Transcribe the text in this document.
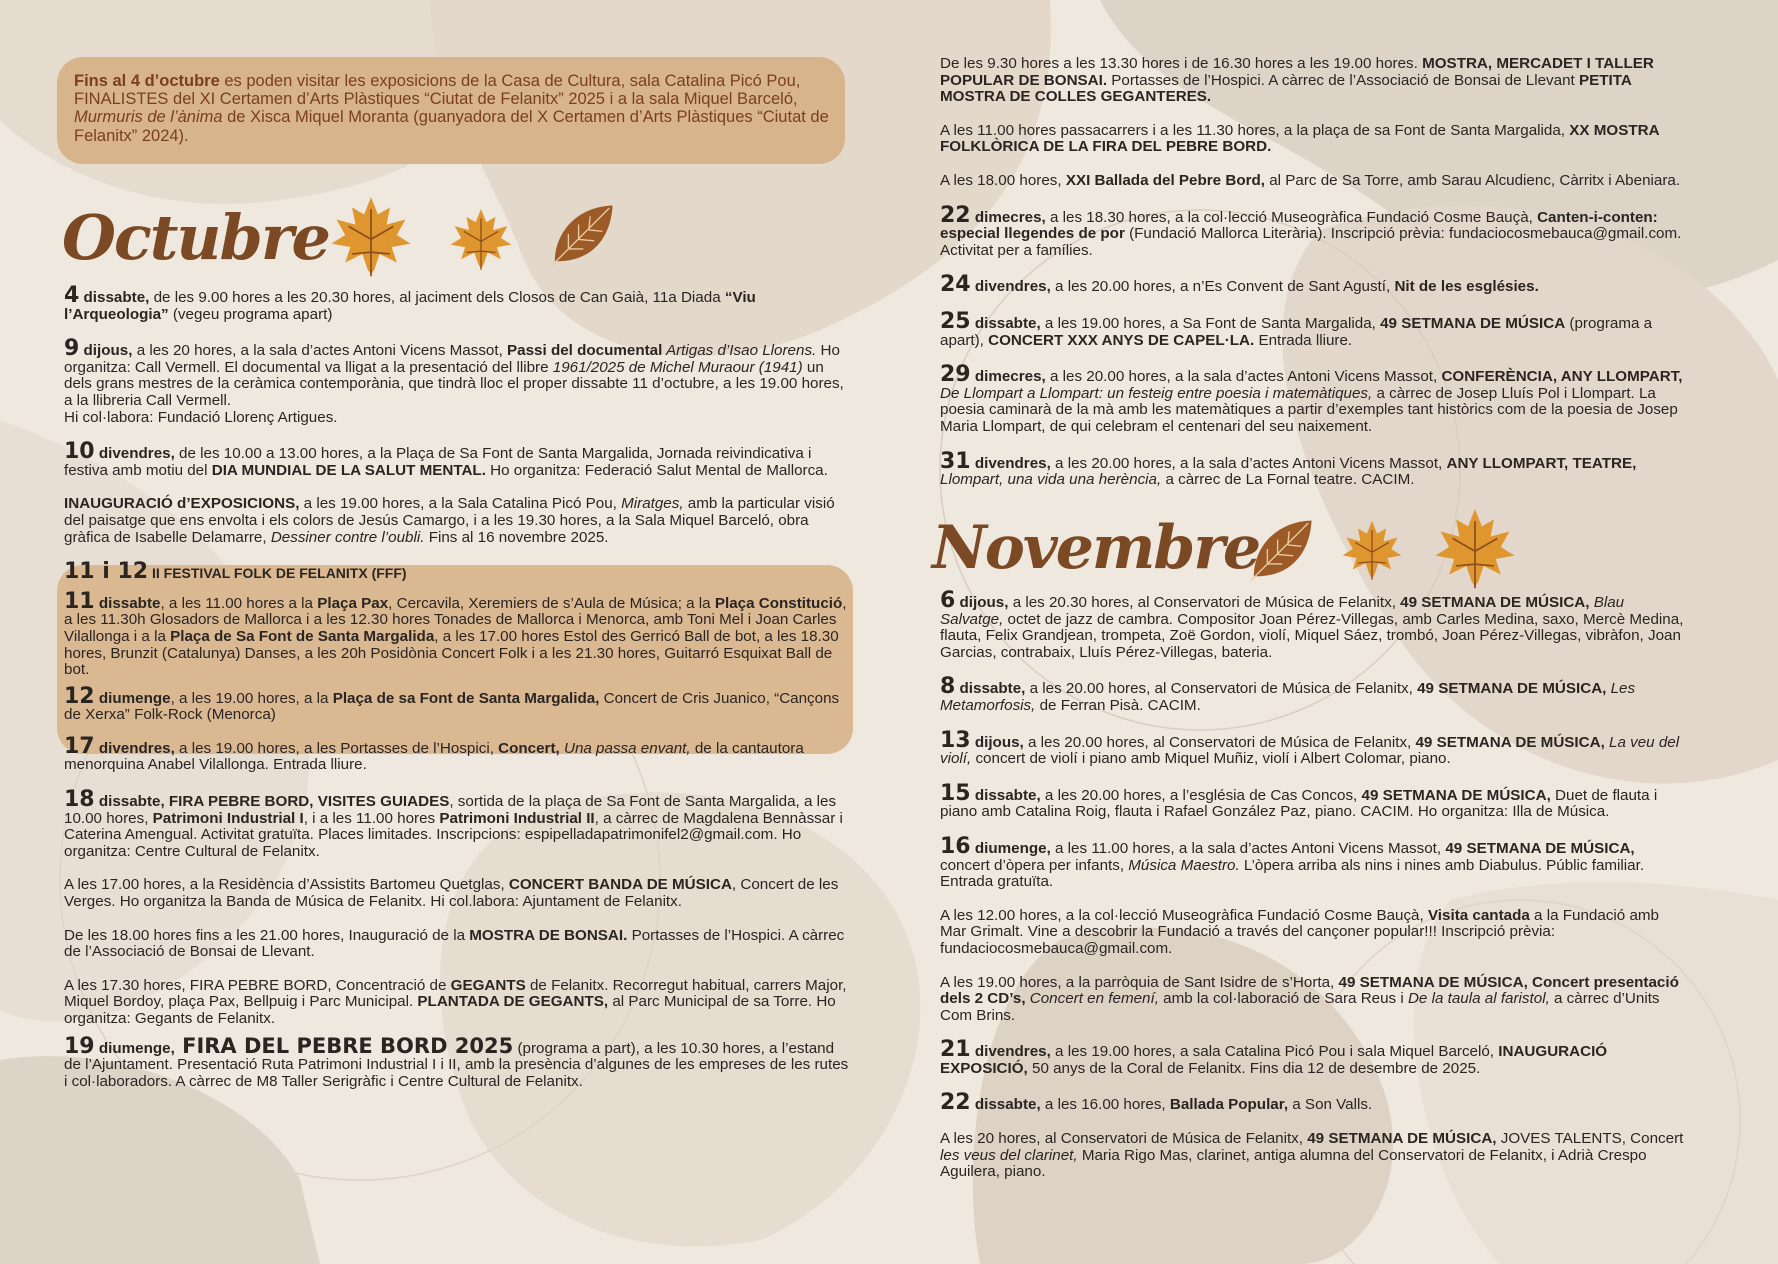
Fins al 4 d’octubre es poden visitar les exposicions de la Casa de Cultura, sala Catalina Picó Pou, FINALISTES del XI Certamen d’Arts Plàstiques “Ciutat de Felanitx” 2025 i a la sala Miquel Barceló, Murmuris de l’ànima de Xisca Miquel Moranta (guanyadora del X Certamen d’Arts Plàstiques “Ciutat de Felanitx” 2024).
Octubre

4 dissabte, de les 9.00 hores a les 20.30 hores, al jaciment dels Closos de Can Gaià, 11a Diada “Viu l’Arqueologia” (vegeu programa apart)

9 dijous, a les 20 hores, a la sala d’actes Antoni Vicens Massot, Passi del documental Artigas d’Isao Llorens. Ho organitza: Call Vermell. El documental va lligat a la presentació del llibre 1961/2025 de Michel Muraour (1941) un dels grans mestres de la ceràmica contemporània, que tindrà lloc el proper dissabte 11 d’octubre, a les 19.00 hores, a la llibreria Call Vermell.
Hi col·labora: Fundació Llorenç Artigues.

10 divendres, de les 10.00 a 13.00 hores, a la Plaça de Sa Font de Santa Margalida, Jornada reivindicativa i festiva amb motiu del DIA MUNDIAL DE LA SALUT MENTAL. Ho organitza: Federació Salut Mental de Mallorca.

INAUGURACIÓ d’EXPOSICIONS, a les 19.00 hores, a la Sala Catalina Picó Pou, Miratges, amb la particular visió del paisatge que ens envolta i els colors de Jesús Camargo, i a les 19.30 hores, a la Sala Miquel Barceló, obra gràfica de Isabelle Delamarre, Dessiner contre l’oubli. Fins al 16 novembre 2025.

11 i 12 II FESTIVAL FOLK DE FELANITX (FFF)

11 dissabte, a les 11.00 hores a la Plaça Pax, Cercavila, Xeremiers de s’Aula de Música; a la Plaça Constitució, a les 11.30h Glosadors de Mallorca i a les 12.30 hores Tonades de Mallorca i Menorca, amb Toni Mel i Joan Carles Vilallonga i a la Plaça de Sa Font de Santa Margalida, a les 17.00 hores Estol des Gerricó Ball de bot, a les 18.30 hores, Brunzit (Catalunya) Danses, a les 20h Posidònia Concert Folk i a les 21.30 hores, Guitarró Esquixat Ball de bot.

12 diumenge, a les 19.00 hores, a la Plaça de sa Font de Santa Margalida, Concert de Cris Juanico, “Cançons de Xerxa” Folk-Rock (Menorca)

17 divendres, a les 19.00 hores, a les Portasses de l’Hospici, Concert, Una passa envant, de la cantautora menorquina Anabel Vilallonga. Entrada lliure.

18 dissabte, FIRA PEBRE BORD, VISITES GUIADES, sortida de la plaça de Sa Font de Santa Margalida, a les 10.00 hores, Patrimoni Industrial I, i a les 11.00 hores Patrimoni Industrial II, a càrrec de Magdalena Bennàssar i Caterina Amengual. Activitat gratuïta. Places limitades. Inscripcions: espipelladapatrimonifel2@gmail.com. Ho organitza: Centre Cultural de Felanitx.

A les 17.00 hores, a la Residència d’Assistits Bartomeu Quetglas, CONCERT BANDA DE MÚSICA, Concert de les Verges. Ho organitza la Banda de Música de Felanitx. Hi col.labora: Ajuntament de Felanitx.

De les 18.00 hores fins a les 21.00 hores, Inauguració de la MOSTRA DE BONSAI. Portasses de l’Hospici. A càrrec de l’Associació de Bonsai de Llevant.

A les 17.30 hores, FIRA PEBRE BORD, Concentració de GEGANTS de Felanitx. Recorregut habitual, carrers Major, Miquel Bordoy, plaça Pax, Bellpuig i Parc Municipal. PLANTADA DE GEGANTS, al Parc Municipal de sa Torre. Ho organitza: Gegants de Felanitx.

19 diumenge, FIRA DEL PEBRE BORD 2025 (programa a part), a les 10.30 hores, a l’estand de l’Ajuntament. Presentació Ruta Patrimoni Industrial I i II, amb la presència d’algunes de les empreses de les rutes i col·laboradors. A càrrec de M8 Taller Serigràfic i Centre Cultural de Felanitx.

De les 9.30 hores a les 13.30 hores i de 16.30 hores a les 19.00 hores. MOSTRA, MERCADET I TALLER POPULAR DE BONSAI. Portasses de l’Hospici. A càrrec de l’Associació de Bonsai de Llevant PETITA MOSTRA DE COLLES GEGANTERES.

A les 11.00 hores passacarrers i a les 11.30 hores, a la plaça de sa Font de Santa Margalida, XX MOSTRA FOLKLÒRICA DE LA FIRA DEL PEBRE BORD.

A les 18.00 hores, XXI Ballada del Pebre Bord, al Parc de Sa Torre, amb Sarau Alcudienc, Càrritx i Abeniara.

22 dimecres, a les 18.30 hores, a la col·lecció Museogràfica Fundació Cosme Bauçà, Canten-i-conten: especial llegendes de por (Fundació Mallorca Literària). Inscripció prèvia: fundaciocosmebauca@gmail.com. Activitat per a famílies.

24 divendres, a les 20.00 hores, a n’Es Convent de Sant Agustí, Nit de les esglésies.

25 dissabte, a les 19.00 hores, a Sa Font de Santa Margalida, 49 SETMANA DE MÚSICA (programa a apart), CONCERT XXX ANYS DE CAPEL·LA. Entrada lliure.

29 dimecres, a les 20.00 hores, a la sala d’actes Antoni Vicens Massot, CONFERÈNCIA, ANY LLOMPART, De Llompart a Llompart: un festeig entre poesia i matemàtiques, a càrrec de Josep Lluís Pol i Llompart. La poesia caminarà de la mà amb les matemàtiques a partir d’exemples tant històrics com de la poesia de Josep Maria Llompart, de qui celebram el centenari del seu naixement.

31 divendres, a les 20.00 hores, a la sala d’actes Antoni Vicens Massot, ANY LLOMPART, TEATRE, Llompart, una vida una herència, a càrrec de La Fornal teatre. CACIM.

Novembre

6 dijous, a les 20.30 hores, al Conservatori de Música de Felanitx, 49 SETMANA DE MÚSICA, Blau Salvatge, octet de jazz de cambra. Compositor Joan Pérez-Villegas, amb Carles Medina, saxo, Mercè Medina, flauta, Felix Grandjean, trompeta, Zoë Gordon, violí, Miquel Sáez, trombó, Joan Pérez-Villegas, vibràfon, Joan Garcias, contrabaix, Lluís Pérez-Villegas, bateria.

8 dissabte, a les 20.00 hores, al Conservatori de Música de Felanitx, 49 SETMANA DE MÚSICA, Les Metamorfosis, de Ferran Pisà. CACIM.

13 dijous, a les 20.00 hores, al Conservatori de Música de Felanitx, 49 SETMANA DE MÚSICA, La veu del violí, concert de violí i piano amb Miquel Muñiz, violí i Albert Colomar, piano.

15 dissabte, a les 20.00 hores, a l’església de Cas Concos, 49 SETMANA DE MÚSICA, Duet de flauta i piano amb Catalina Roig, flauta i Rafael González Paz, piano. CACIM. Ho organitza: Illa de Música.

16 diumenge, a les 11.00 hores, a la sala d’actes Antoni Vicens Massot, 49 SETMANA DE MÚSICA, concert d’òpera per infants, Música Maestro. L’òpera arriba als nins i nines amb Diabulus. Públic familiar. Entrada gratuïta.

A les 12.00 hores, a la col·lecció Museogràfica Fundació Cosme Bauçà, Visita cantada a la Fundació amb Mar Grimalt. Vine a descobrir la Fundació a través del cançoner popular!!! Inscripció prèvia: fundaciocosmebauca@gmail.com.

A les 19.00 hores, a la parròquia de Sant Isidre de s’Horta, 49 SETMANA DE MÚSICA, Concert presentació dels 2 CD’s, Concert en femení, amb la col·laboració de Sara Reus i De la taula al faristol, a càrrec d’Units Com Brins.

21 divendres, a les 19.00 hores, a sala Catalina Picó Pou i sala Miquel Barceló, INAUGURACIÓ EXPOSICIÓ, 50 anys de la Coral de Felanitx. Fins dia 12 de desembre de 2025.

22 dissabte, a les 16.00 hores, Ballada Popular, a Son Valls.

A les 20 hores, al Conservatori de Música de Felanitx, 49 SETMANA DE MÚSICA, JOVES TALENTS, Concert les veus del clarinet, Maria Rigo Mas, clarinet, antiga alumna del Conservatori de Felanitx, i Adrià Crespo Aguilera, piano.
